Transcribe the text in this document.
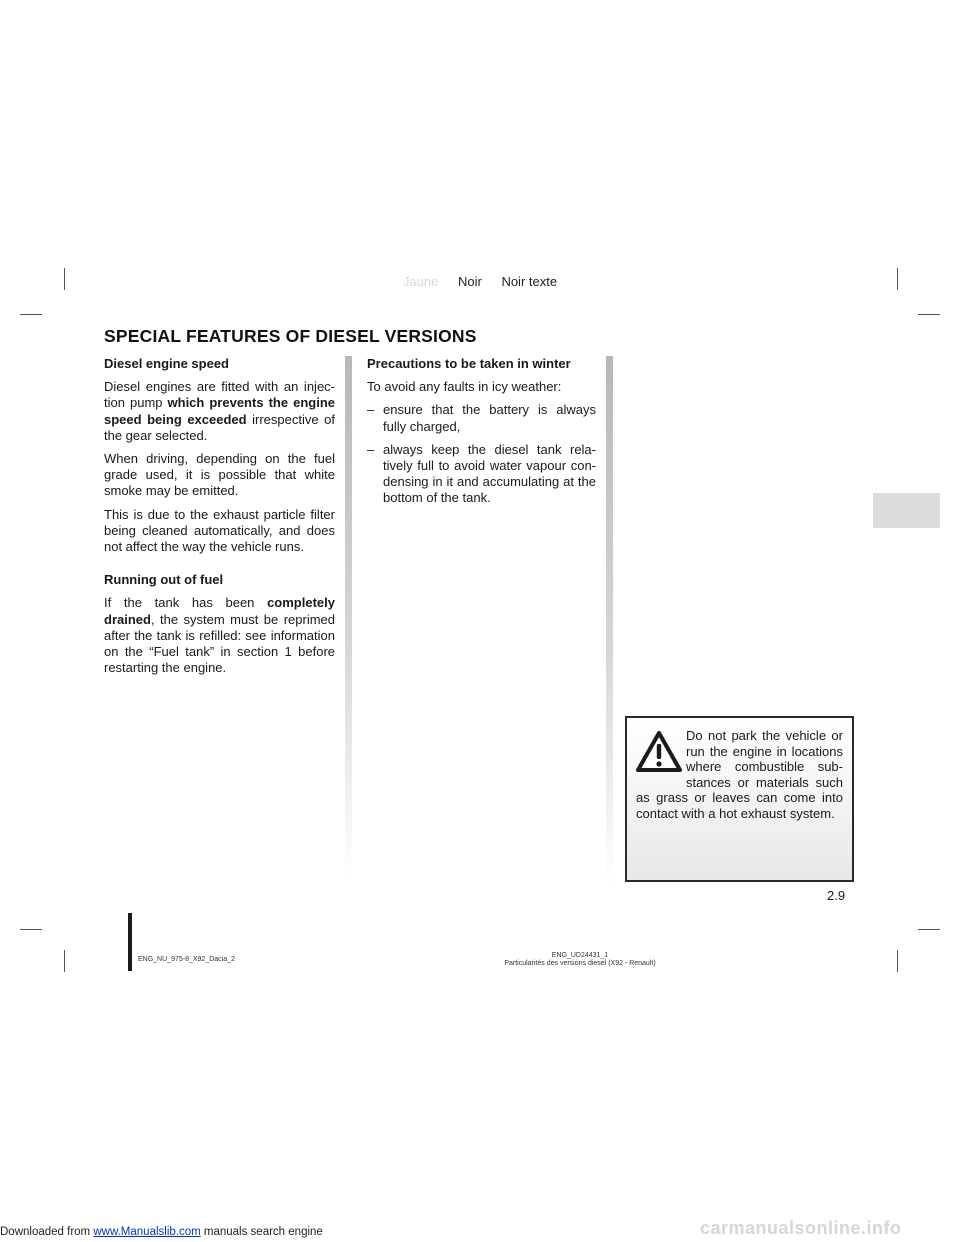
Jaune Noir Noir texte
SPECIAL FEATURES OF DIESEL VERSIONS
Diesel engine speed

Diesel engines are fitted with an injec-tion pump which prevents the engine speed being exceeded irrespective of the gear selected.

When driving, depending on the fuel grade used, it is possible that white smoke may be emitted.

This is due to the exhaust particle filter being cleaned automatically, and does not affect the way the vehicle runs.

Running out of fuel

If the tank has been completely drained, the system must be reprimed after the tank is refilled: see information on the “Fuel tank” in section 1 before restarting the engine.

Precautions to be taken in winter

To avoid any faults in icy weather:

– ensure that the battery is always fully charged,
– always keep the diesel tank rela-tively full to avoid water vapour con-densing in it and accumulating at the bottom of the tank.
Do not park the vehicle or run the engine in locations where combustible sub-stances or materials such as grass or leaves can come into contact with a hot exhaust system.
2.9
ENG_NU_975-8_X92_Dacia_2
ENG_UD24431_1
Particularités des versions diesel (X92 - Renault)
Downloaded from www.Manualslib.com manuals search engine	carmanualsonline.info
